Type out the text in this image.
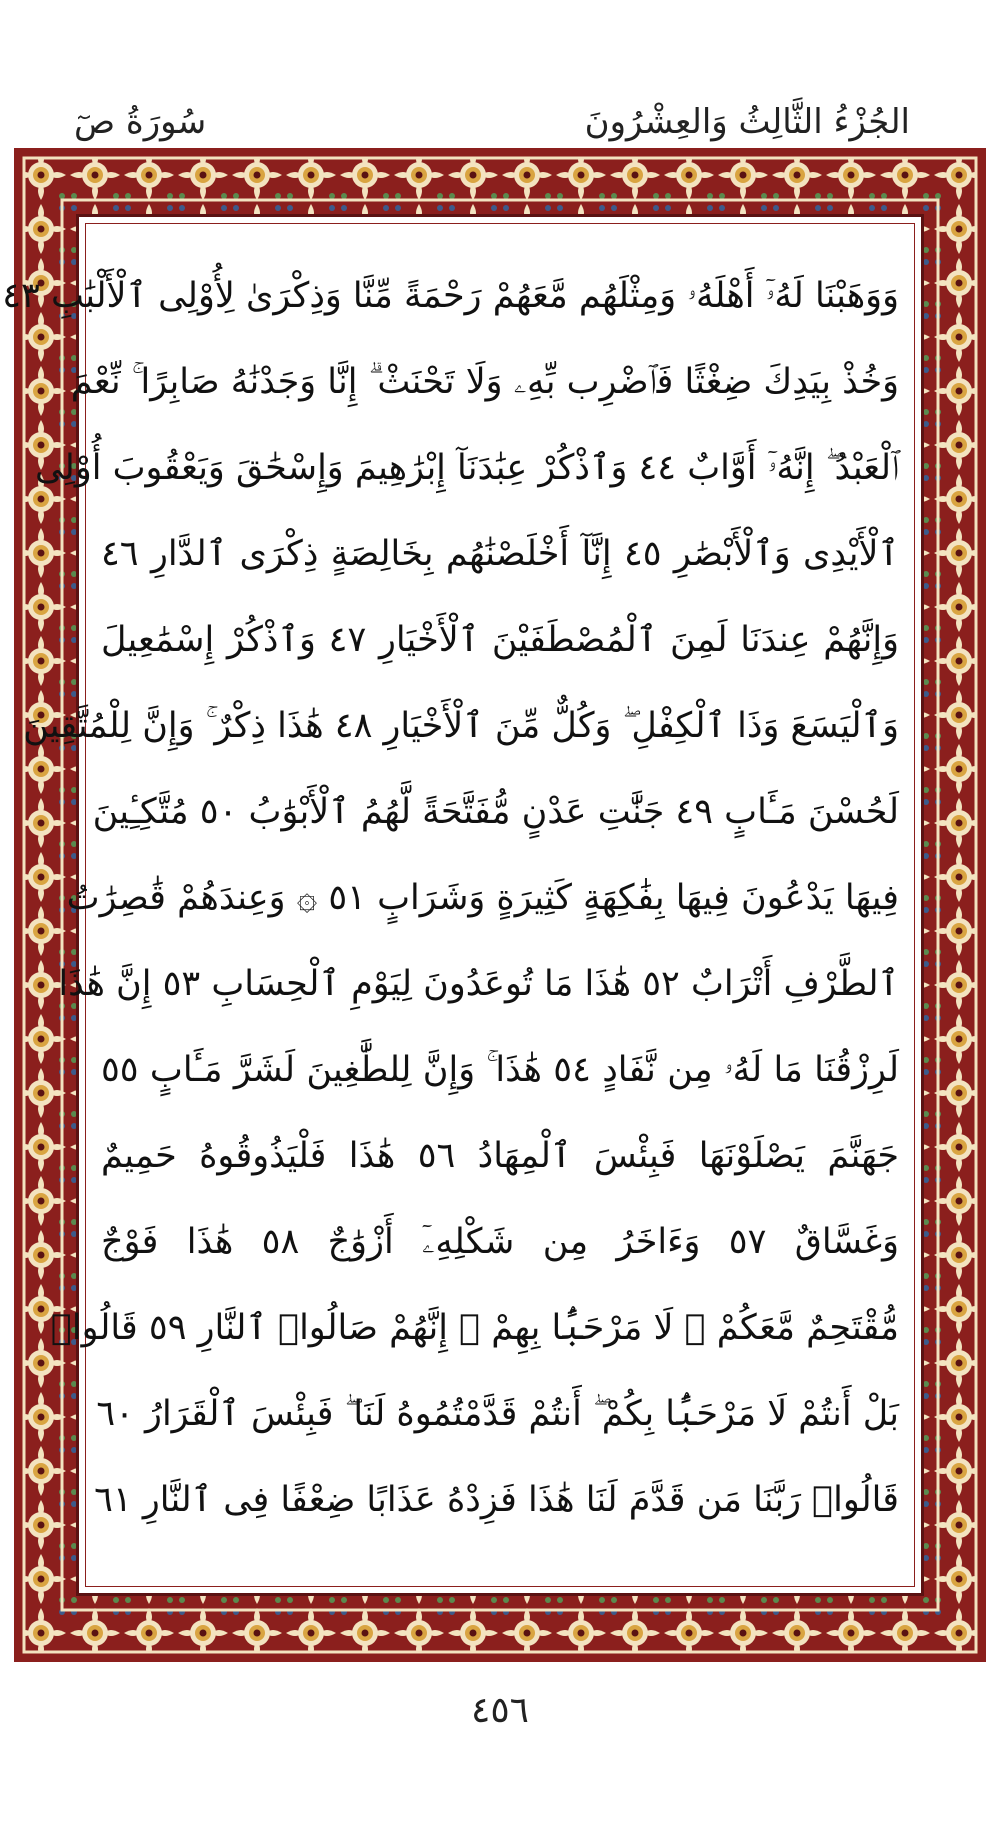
الجُزْءُ الثَّالِثُ وَالعِشْرُونَ
سُورَةُ صٓ
وَوَهَبْنَا لَهُۥٓ أَهْلَهُۥ وَمِثْلَهُم مَّعَهُمْ رَحْمَةً مِّنَّا وَذِكْرَىٰ لِأُوْلِى ٱلْأَلْبَٰبِ ٤٣
وَخُذْ بِيَدِكَ ضِغْثًا فَٱضْرِب بِّهِۦ وَلَا تَحْنَثْ ۗ إِنَّا وَجَدْنَٰهُ صَابِرًا ۚ نِّعْمَ
ٱلْعَبْدُ ۖ إِنَّهُۥٓ أَوَّابٌ ٤٤ وَٱذْكُرْ عِبَٰدَنَآ إِبْرَٰهِيمَ وَإِسْحَٰقَ وَيَعْقُوبَ أُوْلِى
ٱلْأَيْدِى وَٱلْأَبْصَٰرِ ٤٥ إِنَّآ أَخْلَصْنَٰهُم بِخَالِصَةٍ ذِكْرَى ٱلدَّارِ ٤٦
وَإِنَّهُمْ عِندَنَا لَمِنَ ٱلْمُصْطَفَيْنَ ٱلْأَخْيَارِ ٤٧ وَٱذْكُرْ إِسْمَٰعِيلَ
وَٱلْيَسَعَ وَذَا ٱلْكِفْلِ ۖ وَكُلٌّ مِّنَ ٱلْأَخْيَارِ ٤٨ هَٰذَا ذِكْرٌ ۚ وَإِنَّ لِلْمُتَّقِينَ
لَحُسْنَ مَـَٔابٍ ٤٩ جَنَّٰتِ عَدْنٍ مُّفَتَّحَةً لَّهُمُ ٱلْأَبْوَٰبُ ٥٠ مُتَّكِـِٔينَ
فِيهَا يَدْعُونَ فِيهَا بِفَٰكِهَةٍ كَثِيرَةٍ وَشَرَابٍ ٥١ ۞ وَعِندَهُمْ قَٰصِرَٰتُ
ٱلطَّرْفِ أَتْرَابٌ ٥٢ هَٰذَا مَا تُوعَدُونَ لِيَوْمِ ٱلْحِسَابِ ٥٣ إِنَّ هَٰذَا
لَرِزْقُنَا مَا لَهُۥ مِن نَّفَادٍ ٥٤ هَٰذَا ۚ وَإِنَّ لِلطَّٰغِينَ لَشَرَّ مَـَٔابٍ ٥٥
جَهَنَّمَ يَصْلَوْنَهَا فَبِئْسَ ٱلْمِهَادُ ٥٦ هَٰذَا فَلْيَذُوقُوهُ حَمِيمٌ
وَغَسَّاقٌ ٥٧ وَءَاخَرُ مِن شَكْلِهِۦٓ أَزْوَٰجٌ ٥٨ هَٰذَا فَوْجٌ
مُّقْتَحِمٌ مَّعَكُمْ ۖ لَا مَرْحَبًۢا بِهِمْ ۚ إِنَّهُمْ صَالُوا۟ ٱلنَّارِ ٥٩ قَالُوا۟
بَلْ أَنتُمْ لَا مَرْحَبًۢا بِكُمْ ۖ أَنتُمْ قَدَّمْتُمُوهُ لَنَا ۖ فَبِئْسَ ٱلْقَرَارُ ٦٠
قَالُوا۟ رَبَّنَا مَن قَدَّمَ لَنَا هَٰذَا فَزِدْهُ عَذَابًا ضِعْفًا فِى ٱلنَّارِ ٦١
٤٥٦
